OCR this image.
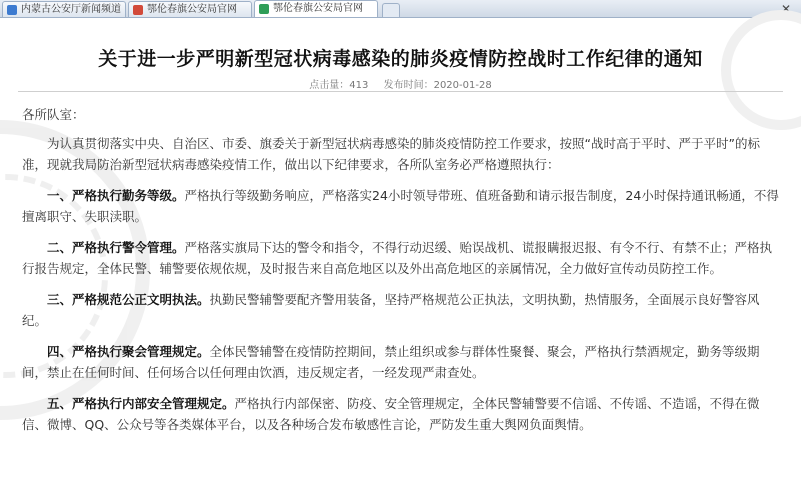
内蒙古公安厅新闻频道	鄂伦春旗公安局官网	鄂伦春旗公安局官网	✕
关于进一步严明新型冠状病毒感染的肺炎疫情防控战时工作纪律的通知
点击量：413 发布时间：2020-01-28

各所队室：

为认真贯彻落实中央、自治区、市委、旗委关于新型冠状病毒感染的肺炎疫情防控工作要求，按照“战时高于平时、严于平时”的标准，现就我局防治新型冠状病毒感染疫情工作，做出以下纪律要求，各所队室务必严格遵照执行：

一、严格执行勤务等级。严格执行等级勤务响应，严格落实24小时领导带班、值班备勤和请示报告制度，24小时保持通讯畅通，不得擅离职守、失职渎职。

二、严格执行警令管理。严格落实旗局下达的警令和指令，不得行动迟缓、贻误战机、谎报瞒报迟报、有令不行、有禁不止；严格执行报告规定，全体民警、辅警要依规依规，及时报告来自高危地区以及外出高危地区的亲属情况，全力做好宣传动员防控工作。

三、严格规范公正文明执法。执勤民警辅警要配齐警用装备，坚持严格规范公正执法，文明执勤，热情服务，全面展示良好警容风纪。

四、严格执行聚会管理规定。全体民警辅警在疫情防控期间，禁止组织或参与群体性聚餐、聚会，严格执行禁酒规定，勤务等级期间，禁止在任何时间、任何场合以任何理由饮酒，违反规定者，一经发现严肃查处。

五、严格执行内部安全管理规定。严格执行内部保密、防疫、安全管理规定，全体民警辅警要不信谣、不传谣、不造谣，不得在微信、微博、QQ、公众号等各类媒体平台，以及各种场合发布敏感性言论，严防发生重大舆网负面舆情。
